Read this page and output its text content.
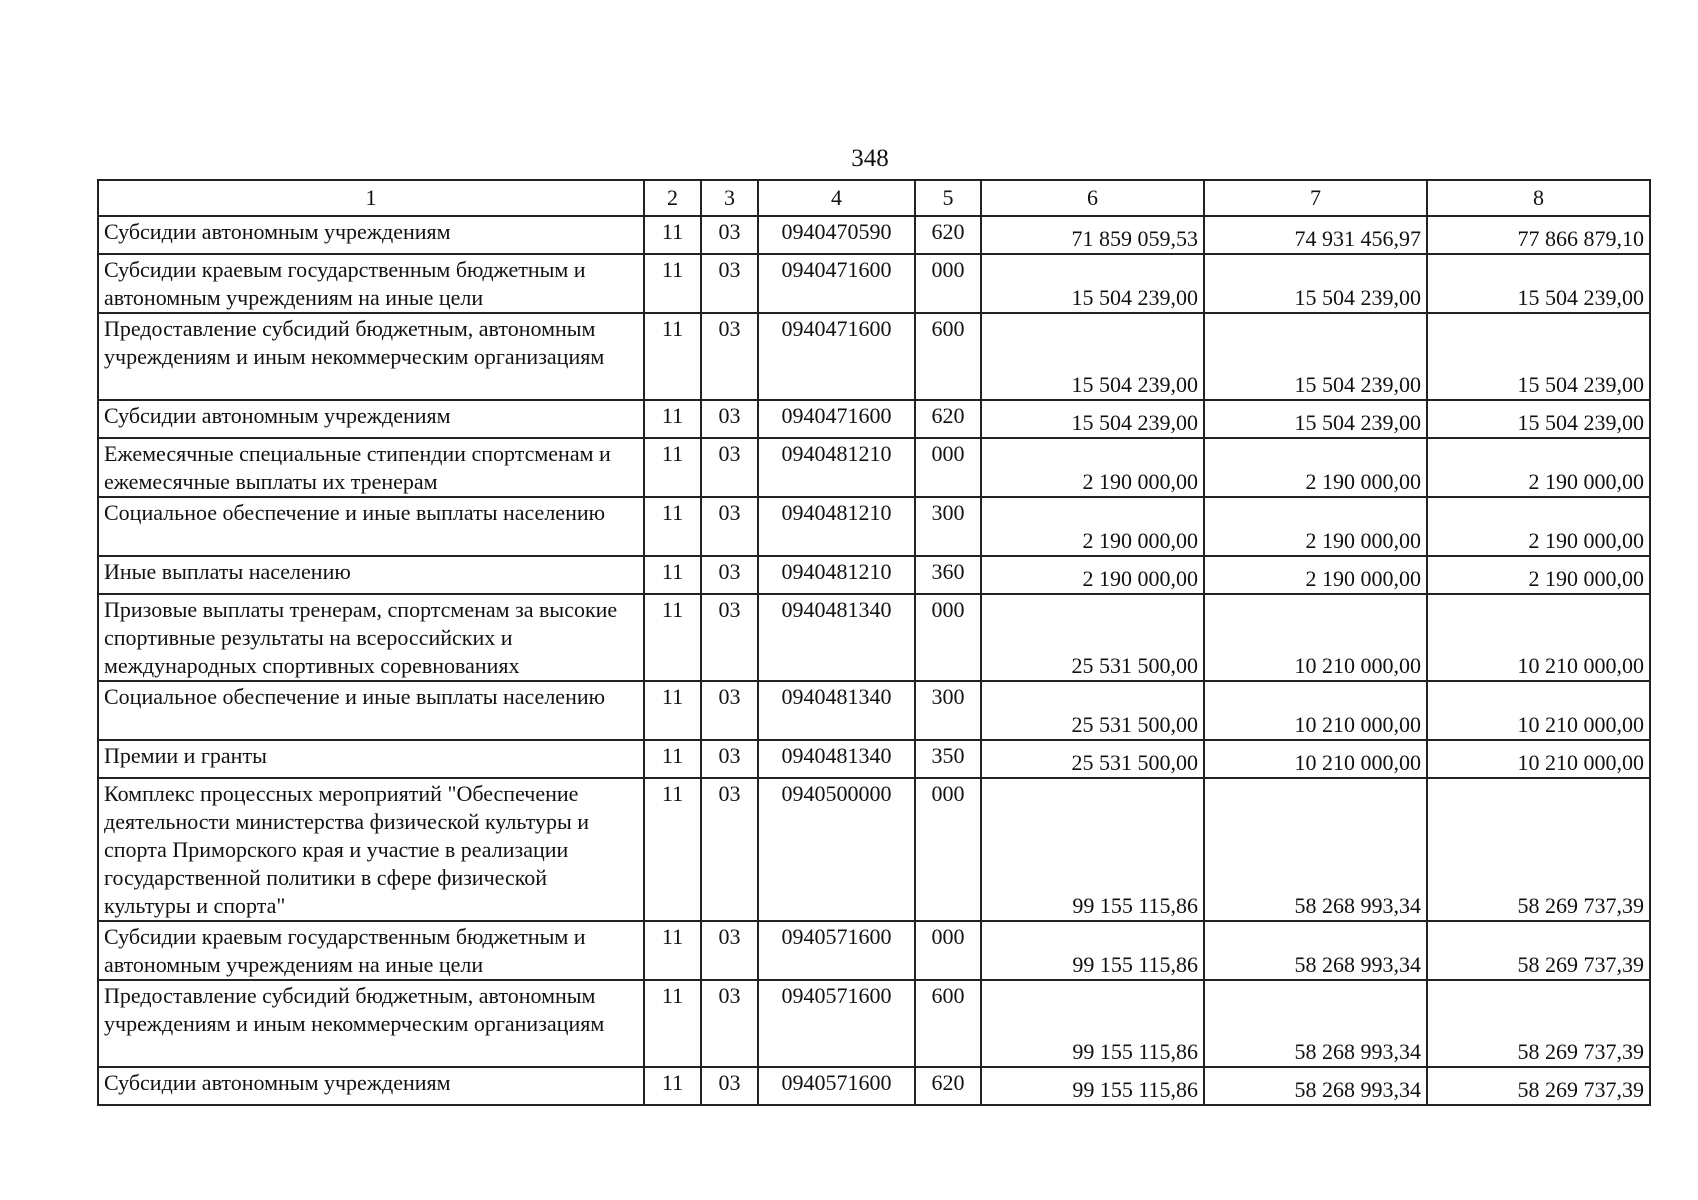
348
1	2	3	4	5	6	7	8
Субсидии автономным учреждениям	11	03	0940470590	620	71 859 059,53	74 931 456,97	77 866 879,10
Субсидии краевым государственным бюджетным и автономным учреждениям на иные цели	11	03	0940471600	000	15 504 239,00	15 504 239,00	15 504 239,00
Предоставление субсидий бюджетным, автономным учреждениям и иным некоммерческим организациям	11	03	0940471600	600	15 504 239,00	15 504 239,00	15 504 239,00
Субсидии автономным учреждениям	11	03	0940471600	620	15 504 239,00	15 504 239,00	15 504 239,00
Ежемесячные специальные стипендии спортсменам и ежемесячные выплаты их тренерам	11	03	0940481210	000	2 190 000,00	2 190 000,00	2 190 000,00
Социальное обеспечение и иные выплаты населению	11	03	0940481210	300	2 190 000,00	2 190 000,00	2 190 000,00
Иные выплаты населению	11	03	0940481210	360	2 190 000,00	2 190 000,00	2 190 000,00
Призовые выплаты тренерам, спортсменам за высокие спортивные результаты на всероссийских и международных спортивных соревнованиях	11	03	0940481340	000	25 531 500,00	10 210 000,00	10 210 000,00
Социальное обеспечение и иные выплаты населению	11	03	0940481340	300	25 531 500,00	10 210 000,00	10 210 000,00
Премии и гранты	11	03	0940481340	350	25 531 500,00	10 210 000,00	10 210 000,00
Комплекс процессных мероприятий "Обеспечение деятельности министерства физической культуры и спорта Приморского края и участие в реализации государственной политики в сфере физической культуры и спорта"	11	03	0940500000	000	99 155 115,86	58 268 993,34	58 269 737,39
Субсидии краевым государственным бюджетным и автономным учреждениям на иные цели	11	03	0940571600	000	99 155 115,86	58 268 993,34	58 269 737,39
Предоставление субсидий бюджетным, автономным учреждениям и иным некоммерческим организациям	11	03	0940571600	600	99 155 115,86	58 268 993,34	58 269 737,39
Субсидии автономным учреждениям	11	03	0940571600	620	99 155 115,86	58 268 993,34	58 269 737,39
